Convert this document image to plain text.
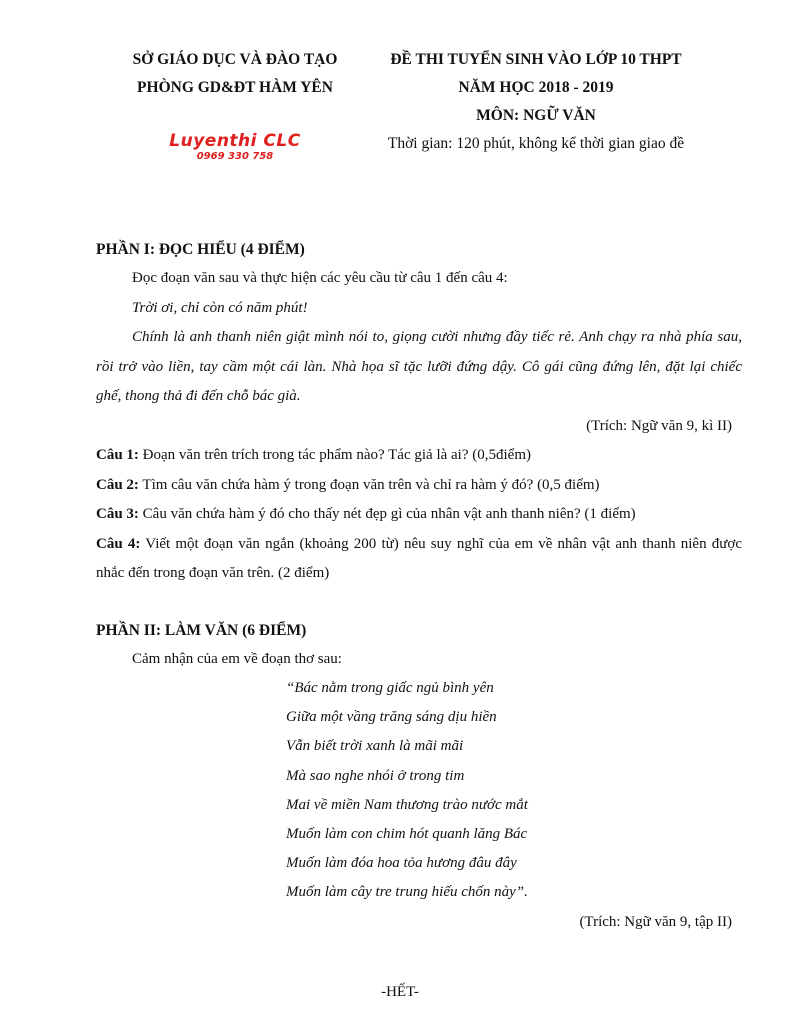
SỞ GIÁO DỤC VÀ ĐÀO TẠO
PHÒNG GD&ĐT HÀM YÊN
ĐỀ THI TUYỂN SINH VÀO LỚP 10 THPT
NĂM HỌC 2018 - 2019
MÔN: NGỮ VĂN
Thời gian: 120 phút, không kể thời gian giao đề
Luyenthi CLC
0969 330 758
PHẦN I: ĐỌC HIỂU (4 ĐIỂM)

Đọc đoạn văn sau và thực hiện các yêu cầu từ câu 1 đến câu 4:

Trời ơi, chỉ còn có năm phút!

Chính là anh thanh niên giật mình nói to, giọng cười nhưng đầy tiếc rẻ. Anh chạy ra nhà phía sau, rồi trở vào liền, tay cầm một cái làn. Nhà họa sĩ tặc lưỡi đứng dậy. Cô gái cũng đứng lên, đặt lại chiếc ghế, thong thả đi đến chỗ bác già.

(Trích: Ngữ văn 9, kì II)

Câu 1: Đoạn văn trên trích trong tác phẩm nào? Tác giả là ai? (0,5điểm)

Câu 2: Tìm câu văn chứa hàm ý trong đoạn văn trên và chỉ ra hàm ý đó? (0,5 điểm)

Câu 3: Câu văn chứa hàm ý đó cho thấy nét đẹp gì của nhân vật anh thanh niên? (1 điểm)

Câu 4: Viết một đoạn văn ngắn (khoảng 200 từ) nêu suy nghĩ của em về nhân vật anh thanh niên được nhắc đến trong đoạn văn trên. (2 điểm)

PHẦN II: LÀM VĂN (6 ĐIỂM)

Cảm nhận của em về đoạn thơ sau:

“Bác nằm trong giấc ngủ bình yên

Giữa một vầng trăng sáng dịu hiền

Vẫn biết trời xanh là mãi mãi

Mà sao nghe nhói ở trong tim

Mai về miền Nam thương trào nước mắt

Muốn làm con chim hót quanh lăng Bác

Muốn làm đóa hoa tỏa hương đâu đây

Muốn làm cây tre trung hiếu chốn này”.

(Trích: Ngữ văn 9, tập II)

-HẾT-
